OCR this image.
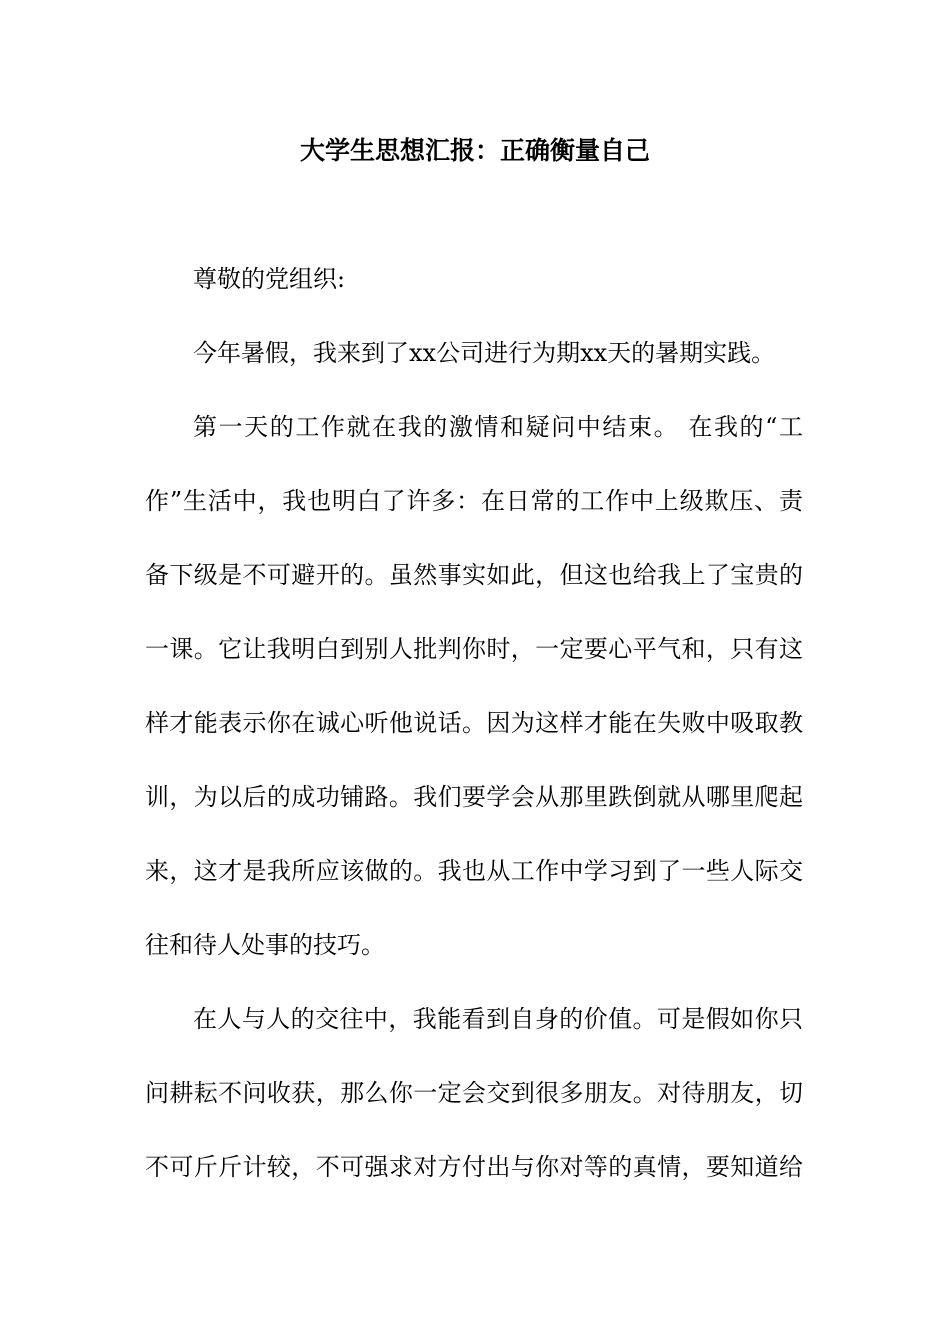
大学生思想汇报：正确衡量自己
尊敬的党组织:
今年暑假，我来到了xx公司进行为期xx天的暑期实践。
第一天的工作就在我的激情和疑问中结束。 在我的“工
作”生活中，我也明白了许多：在日常的工作中上级欺压、责
备下级是不可避开的。虽然事实如此，但这也给我上了宝贵的
一课。它让我明白到别人批判你时，一定要心平气和，只有这
样才能表示你在诚心听他说话。因为这样才能在失败中吸取教
训，为以后的成功铺路。我们要学会从那里跌倒就从哪里爬起
来，这才是我所应该做的。我也从工作中学习到了一些人际交
往和待人处事的技巧。
在人与人的交往中，我能看到自身的价值。可是假如你只
问耕耘不问收获，那么你一定会交到很多朋友。对待朋友，切
不可斤斤计较，不可强求对方付出与你对等的真情，要知道给
